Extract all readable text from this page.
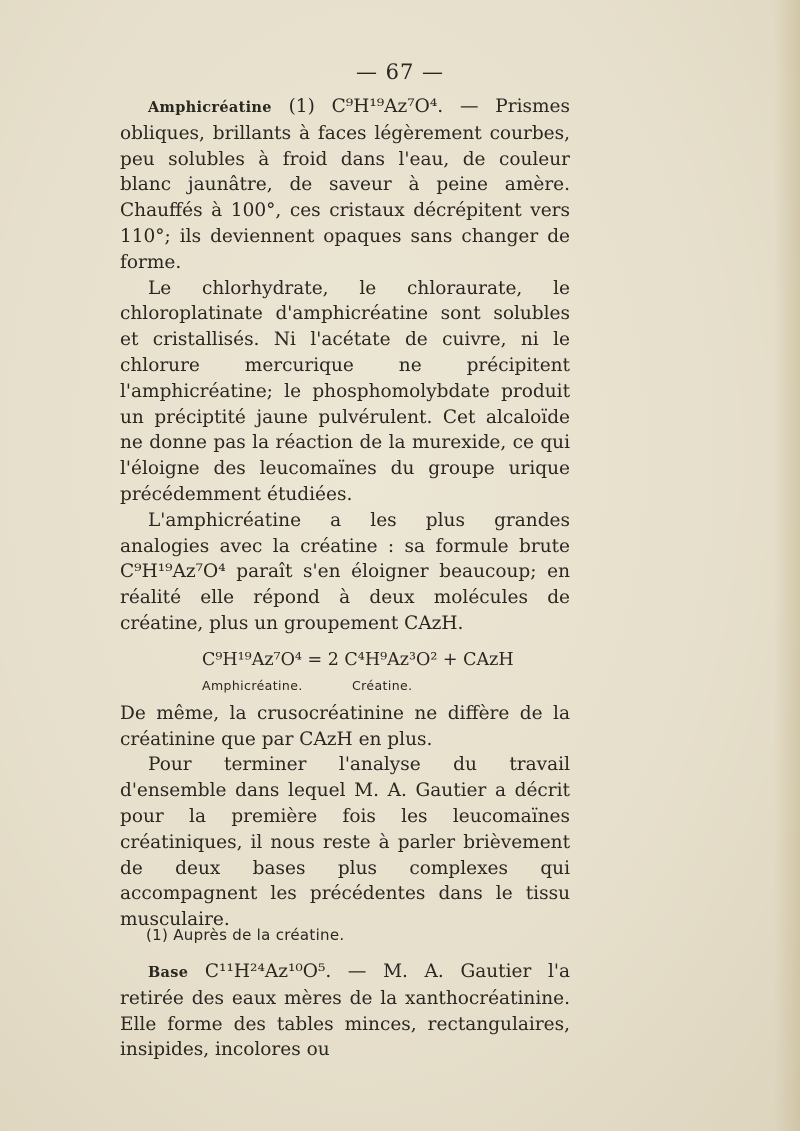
— 67 —

Amphicréatine (1) C⁹H¹⁹Az⁷O⁴. — Prismes obliques, brillants à faces légèrement courbes, peu solubles à froid dans l'eau, de couleur blanc jaunâtre, de saveur à peine amère. Chauffés à 100°, ces cristaux décrépitent vers 110°; ils deviennent opaques sans changer de forme.

Le chlorhydrate, le chloraurate, le chloroplatinate d'amphicréatine sont solubles et cristallisés. Ni l'acétate de cuivre, ni le chlorure mercurique ne précipitent l'amphicréatine; le phosphomolybdate produit un préciptité jaune pulvérulent. Cet alcaloïde ne donne pas la réaction de la murexide, ce qui l'éloigne des leucomaïnes du groupe urique précédemment étudiées.

L'amphicréatine a les plus grandes analogies avec la créatine : sa formule brute C⁹H¹⁹Az⁷O⁴ paraît s'en éloigner beaucoup; en réalité elle répond à deux molécules de créatine, plus un groupement CAzH.

C⁹H¹⁹Az⁷O⁴ = 2 C⁴H⁹Az³O² + CAzH
Amphicréatine.	Créatine.

De même, la crusocréatinine ne diffère de la créatinine que par CAzH en plus.

Pour terminer l'analyse du travail d'ensemble dans lequel M. A. Gautier a décrit pour la première fois les leucomaïnes créatiniques, il nous reste à parler brièvement de deux bases plus complexes qui accompagnent les précédentes dans le tissu musculaire.

Base C¹¹H²⁴Az¹⁰O⁵. — M. A. Gautier l'a retirée des eaux mères de la xanthocréatinine. Elle forme des tables minces, rectangulaires, insipides, incolores ou

(1) Auprès de la créatine.
